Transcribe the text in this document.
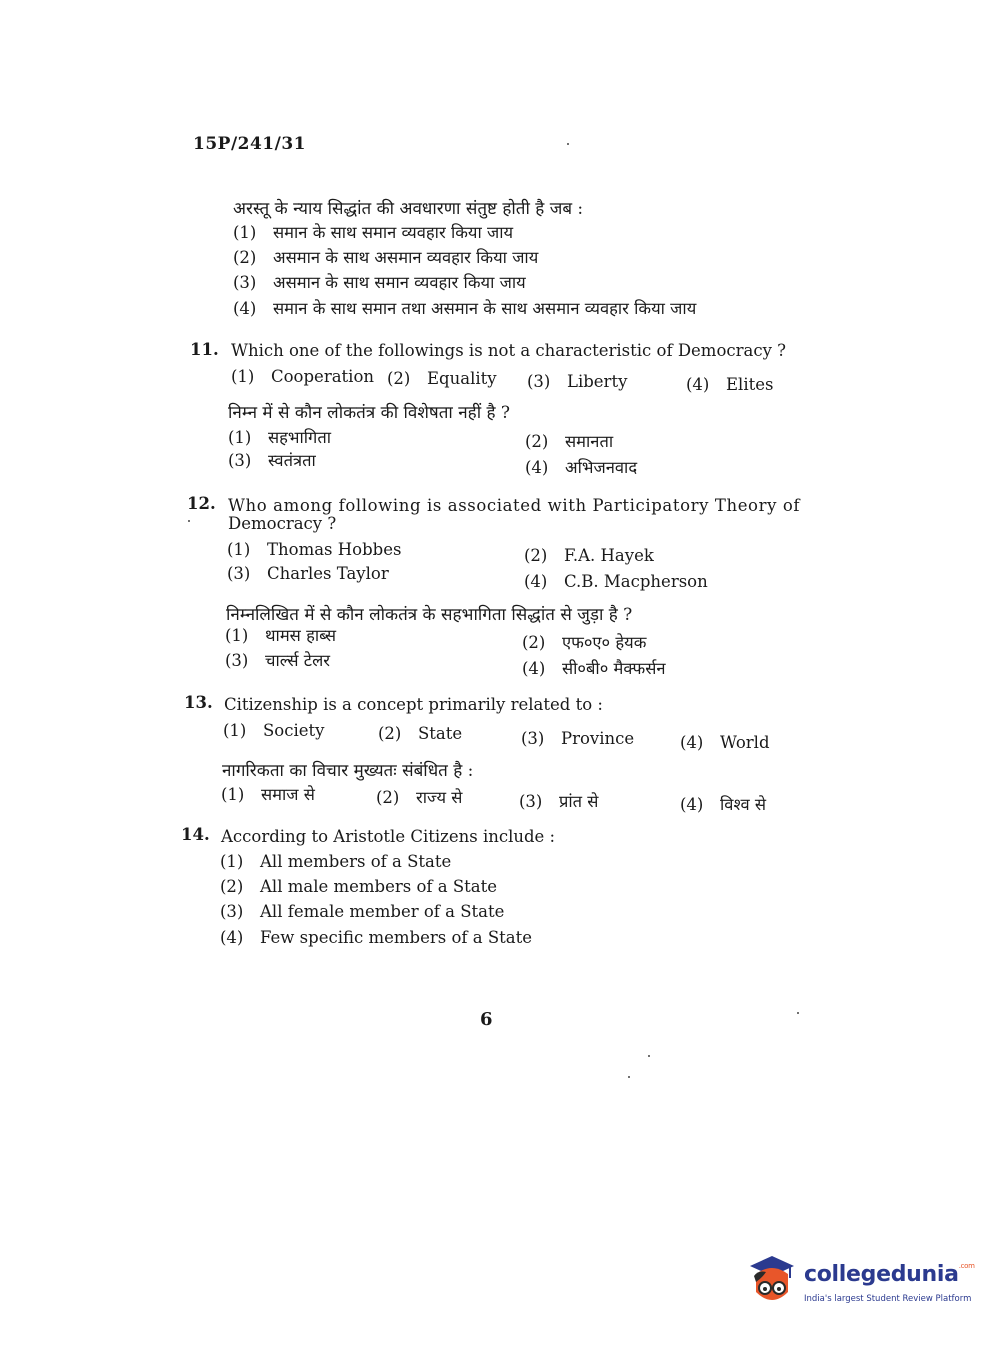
15P/241/31
अरस्तू के न्याय सिद्धांत की अवधारणा संतुष्ट होती है जब :
(1) समान के साथ समान व्यवहार किया जाय
(2) असमान के साथ असमान व्यवहार किया जाय
(3) असमान के साथ समान व्यवहार किया जाय
(4) समान के साथ समान तथा असमान के साथ असमान व्यवहार किया जाय
11. Which one of the followings is not a characteristic of Democracy ?
(1) Cooperation (2) Equality (3) Liberty	(4) Elites
निम्न में से कौन लोकतंत्र की विशेषता नहीं है ?
(1) सहभागिता	(2) समानता
(3) स्वतंत्रता	(4) अभिजनवाद
12. Who among following is associated with Participatory Theory of
Democracy ?
(1) Thomas Hobbes	(2) F.A. Hayek
(3) Charles Taylor	(4) C.B. Macpherson
निम्नलिखित में से कौन लोकतंत्र के सहभागिता सिद्धांत से जुड़ा है ?
(1) थामस हाब्स	(2) एफ०ए० हेयक
(3) चार्ल्स टेलर	(4) सी०बी० मैक्फर्सन
13. Citizenship is a concept primarily related to :
(1) Society	(2) State	(3) Province	(4) World
नागरिकता का विचार मुख्यतः संबंधित है :
(1) समाज से	(2) राज्य से	(3) प्रांत से	(4) विश्व से
14. According to Aristotle Citizens include :
(1) All members of a State
(2) All male members of a State
(3) All female member of a State
(4) Few specific members of a State
6
collegedunia$^{.com}$
India's largest Student Review Platform
